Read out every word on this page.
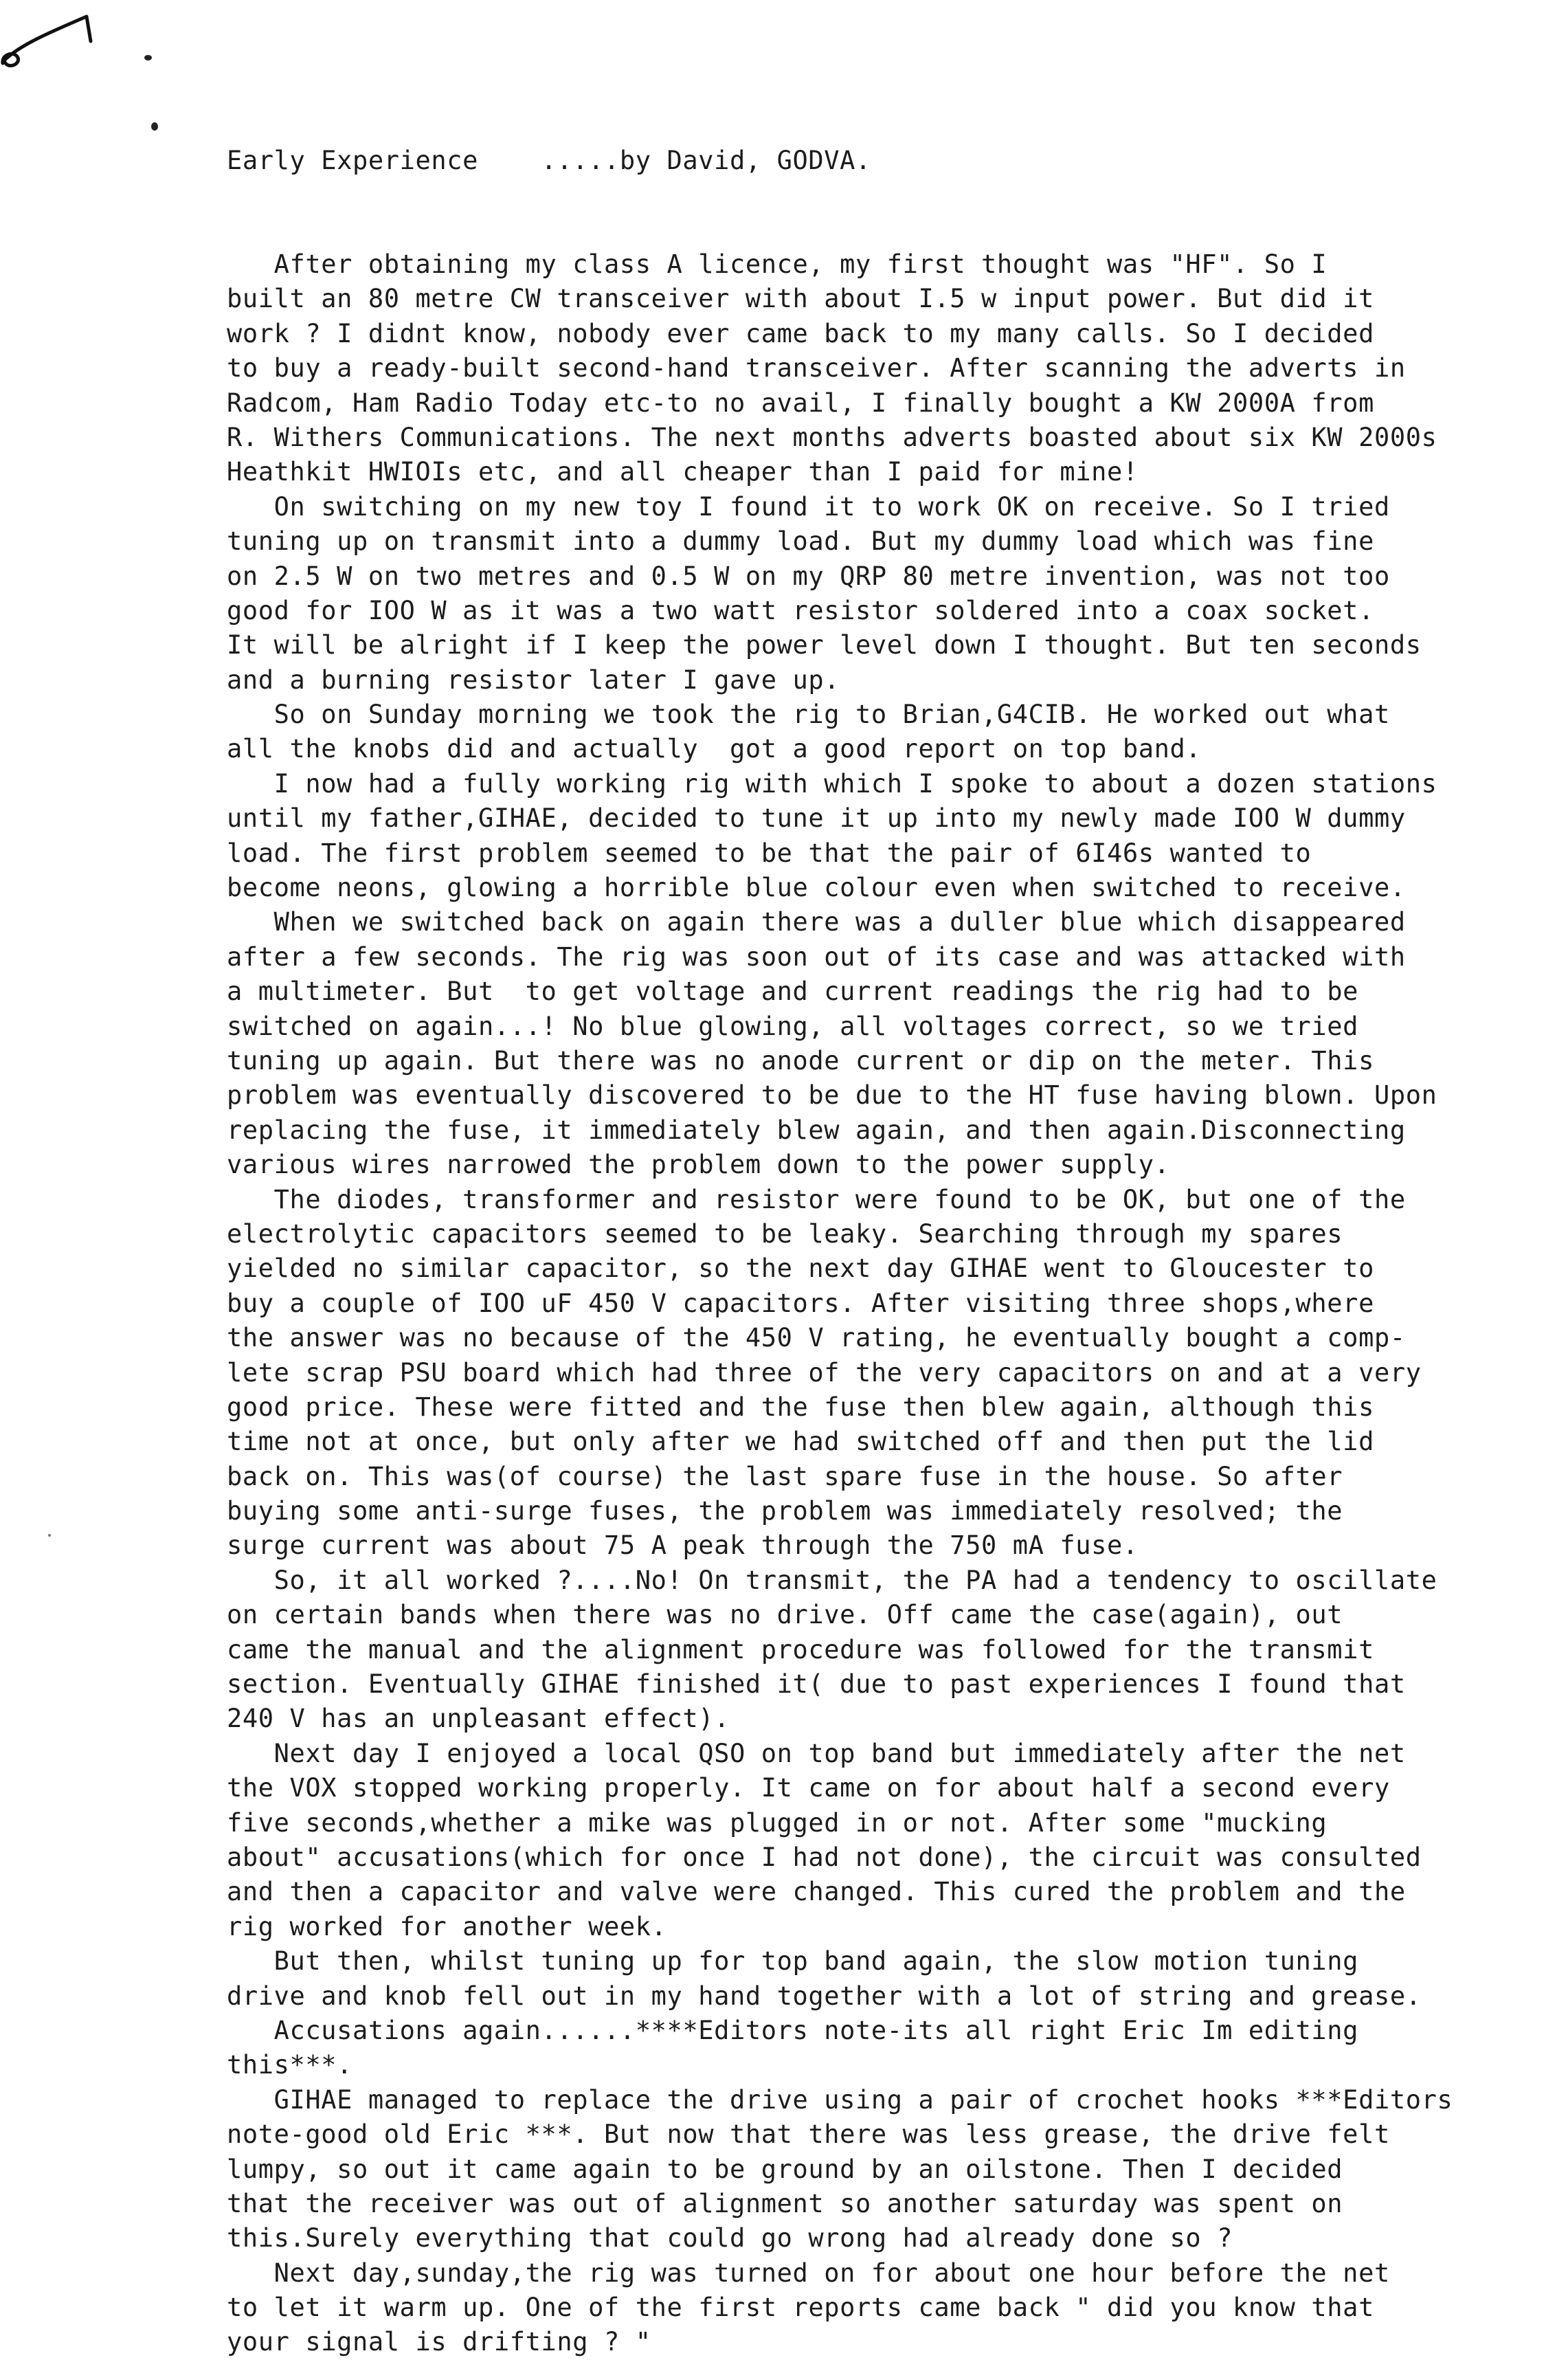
Early Experience    .....by David, GODVA.

After obtaining my class A licence, my first thought was "HF". So I
built an 80 metre CW transceiver with about I.5 w input power. But did it
work ? I didnt know, nobody ever came back to my many calls. So I decided
to buy a ready-built second-hand transceiver. After scanning the adverts in
Radcom, Ham Radio Today etc-to no avail, I finally bought a KW 2000A from
R. Withers Communications. The next months adverts boasted about six KW 2000s
Heathkit HWIOIs etc, and all cheaper than I paid for mine!
On switching on my new toy I found it to work OK on receive. So I tried
tuning up on transmit into a dummy load. But my dummy load which was fine
on 2.5 W on two metres and 0.5 W on my QRP 80 metre invention, was not too
good for IOO W as it was a two watt resistor soldered into a coax socket.
It will be alright if I keep the power level down I thought. But ten seconds
and a burning resistor later I gave up.
So on Sunday morning we took the rig to Brian,G4CIB. He worked out what
all the knobs did and actually  got a good report on top band.
I now had a fully working rig with which I spoke to about a dozen stations
until my father,GIHAE, decided to tune it up into my newly made IOO W dummy
load. The first problem seemed to be that the pair of 6I46s wanted to
become neons, glowing a horrible blue colour even when switched to receive.
When we switched back on again there was a duller blue which disappeared
after a few seconds. The rig was soon out of its case and was attacked with
a multimeter. But  to get voltage and current readings the rig had to be
switched on again...! No blue glowing, all voltages correct, so we tried
tuning up again. But there was no anode current or dip on the meter. This
problem was eventually discovered to be due to the HT fuse having blown. Upon
replacing the fuse, it immediately blew again, and then again.Disconnecting
various wires narrowed the problem down to the power supply.
The diodes, transformer and resistor were found to be OK, but one of the
electrolytic capacitors seemed to be leaky. Searching through my spares
yielded no similar capacitor, so the next day GIHAE went to Gloucester to
buy a couple of IOO uF 450 V capacitors. After visiting three shops,where
the answer was no because of the 450 V rating, he eventually bought a comp-
lete scrap PSU board which had three of the very capacitors on and at a very
good price. These were fitted and the fuse then blew again, although this
time not at once, but only after we had switched off and then put the lid
back on. This was(of course) the last spare fuse in the house. So after
buying some anti-surge fuses, the problem was immediately resolved; the
surge current was about 75 A peak through the 750 mA fuse.
So, it all worked ?....No! On transmit, the PA had a tendency to oscillate
on certain bands when there was no drive. Off came the case(again), out
came the manual and the alignment procedure was followed for the transmit
section. Eventually GIHAE finished it( due to past experiences I found that
240 V has an unpleasant effect).
Next day I enjoyed a local QSO on top band but immediately after the net
the VOX stopped working properly. It came on for about half a second every
five seconds,whether a mike was plugged in or not. After some "mucking
about" accusations(which for once I had not done), the circuit was consulted
and then a capacitor and valve were changed. This cured the problem and the
rig worked for another week.
But then, whilst tuning up for top band again, the slow motion tuning
drive and knob fell out in my hand together with a lot of string and grease.
Accusations again......****Editors note-its all right Eric Im editing
this***.
GIHAE managed to replace the drive using a pair of crochet hooks ***Editors
note-good old Eric ***. But now that there was less grease, the drive felt
lumpy, so out it came again to be ground by an oilstone. Then I decided
that the receiver was out of alignment so another saturday was spent on
this.Surely everything that could go wrong had already done so ?
Next day,sunday,the rig was turned on for about one hour before the net
to let it warm up. One of the first reports came back " did you know that
your signal is drifting ? "
